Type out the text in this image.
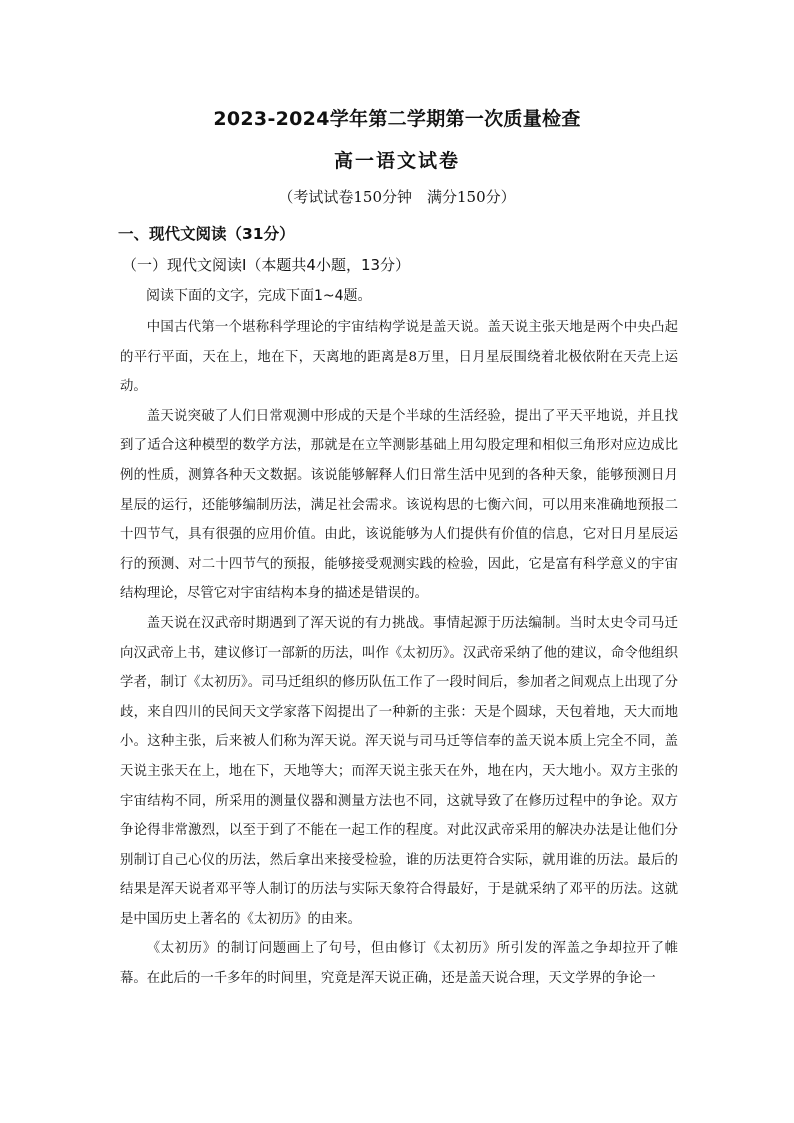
2023-2024学年第二学期第一次质量检查
高一语文试卷
（考试试卷150分钟　满分150分）
一、现代文阅读（31分）
（一）现代文阅读Ⅰ（本题共4小题，13分）
阅读下面的文字，完成下面1~4题。

中国古代第一个堪称科学理论的宇宙结构学说是盖天说。盖天说主张天地是两个中央凸起的平行平面，天在上，地在下，天离地的距离是8万里，日月星辰围绕着北极依附在天壳上运动。

盖天说突破了人们日常观测中形成的天是个半球的生活经验，提出了平天平地说，并且找到了适合这种模型的数学方法，那就是在立竿测影基础上用勾股定理和相似三角形对应边成比例的性质，测算各种天文数据。该说能够解释人们日常生活中见到的各种天象，能够预测日月星辰的运行，还能够编制历法，满足社会需求。该说构思的七衡六间，可以用来准确地预报二十四节气，具有很强的应用价值。由此，该说能够为人们提供有价值的信息，它对日月星辰运行的预测、对二十四节气的预报，能够接受观测实践的检验，因此，它是富有科学意义的宇宙结构理论，尽管它对宇宙结构本身的描述是错误的。

盖天说在汉武帝时期遇到了浑天说的有力挑战。事情起源于历法编制。当时太史令司马迁向汉武帝上书，建议修订一部新的历法，叫作《太初历》。汉武帝采纳了他的建议，命令他组织学者，制订《太初历》。司马迁组织的修历队伍工作了一段时间后，参加者之间观点上出现了分歧，来自四川的民间天文学家落下闳提出了一种新的主张：天是个圆球，天包着地，天大而地小。这种主张，后来被人们称为浑天说。浑天说与司马迁等信奉的盖天说本质上完全不同，盖天说主张天在上，地在下，天地等大；而浑天说主张天在外，地在内，天大地小。双方主张的宇宙结构不同，所采用的测量仪器和测量方法也不同，这就导致了在修历过程中的争论。双方争论得非常激烈，以至于到了不能在一起工作的程度。对此汉武帝采用的解决办法是让他们分别制订自己心仪的历法，然后拿出来接受检验，谁的历法更符合实际，就用谁的历法。最后的结果是浑天说者邓平等人制订的历法与实际天象符合得最好，于是就采纳了邓平的历法。这就是中国历史上著名的《太初历》的由来。

《太初历》的制订问题画上了句号，但由修订《太初历》所引发的浑盖之争却拉开了帷幕。在此后的一千多年的时间里，究竟是浑天说正确，还是盖天说合理，天文学界的争论一
